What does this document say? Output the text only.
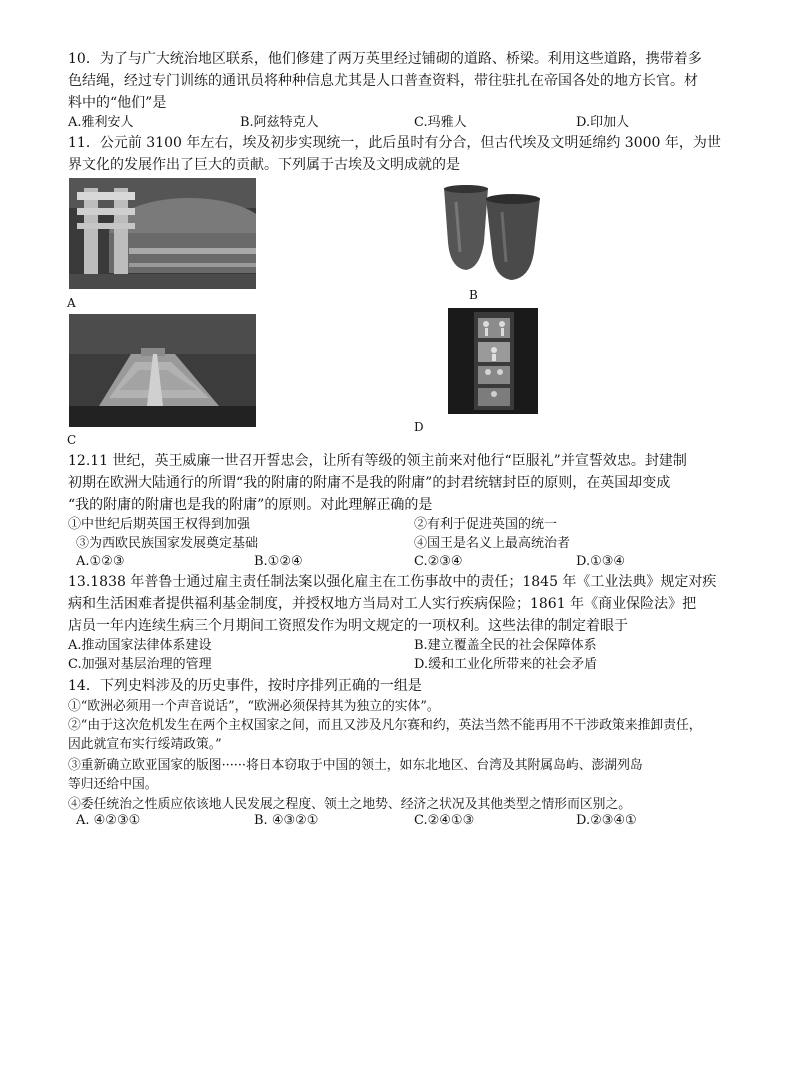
10．为了与广大统治地区联系，他们修建了两万英里经过铺砌的道路、桥梁。利用这些道路，携带着多
色结绳，经过专门训练的通讯员将种种信息尤其是人口普查资料，带往驻扎在帝国各处的地方长官。材
料中的“他们”是
A.雅利安人	B.阿兹特克人	C.玛雅人	D.印加人
11．公元前 3100 年左右，埃及初步实现统一，此后虽时有分合，但古代埃及文明延绵约 3000 年，为世
界文化的发展作出了巨大的贡献。下列属于古埃及文明成就的是
A
B
C
D
12.11 世纪，英王威廉一世召开誓忠会，让所有等级的领主前来对他行“臣服礼”并宣誓效忠。封建制
初期在欧洲大陆通行的所谓“我的附庸的附庸不是我的附庸”的封君统辖封臣的原则，在英国却变成
“我的附庸的附庸也是我的附庸”的原则。对此理解正确的是
①中世纪后期英国王权得到加强	②有利于促进英国的统一
③为西欧民族国家发展奠定基础	④国王是名义上最高统治者
A.①②③	B.①②④	C.②③④	D.①③④
13.1838 年普鲁士通过雇主责任制法案以强化雇主在工伤事故中的责任；1845 年《工业法典》规定对疾
病和生活困难者提供福利基金制度，并授权地方当局对工人实行疾病保险；1861 年《商业保险法》把
店员一年内连续生病三个月期间工资照发作为明文规定的一项权利。这些法律的制定着眼于
A.推动国家法律体系建设	B.建立覆盖全民的社会保障体系
C.加强对基层治理的管理	D.缓和工业化所带来的社会矛盾
14．下列史料涉及的历史事件，按时序排列正确的一组是
①“欧洲必须用一个声音说话”，“欧洲必须保持其为独立的实体”。
②“由于这次危机发生在两个主权国家之间，而且又涉及凡尔赛和约，英法当然不能再用不干涉政策来推卸责任，
因此就宣布实行绥靖政策。”
③重新确立欧亚国家的版图······将日本窃取于中国的领土，如东北地区、台湾及其附属岛屿、澎湖列岛
等归还给中国。
④委任统治之性质应依该地人民发展之程度、领土之地势、经济之状况及其他类型之情形而区别之。
A. ④②③①	B. ④③②①	C.②④①③	D.②③④①
